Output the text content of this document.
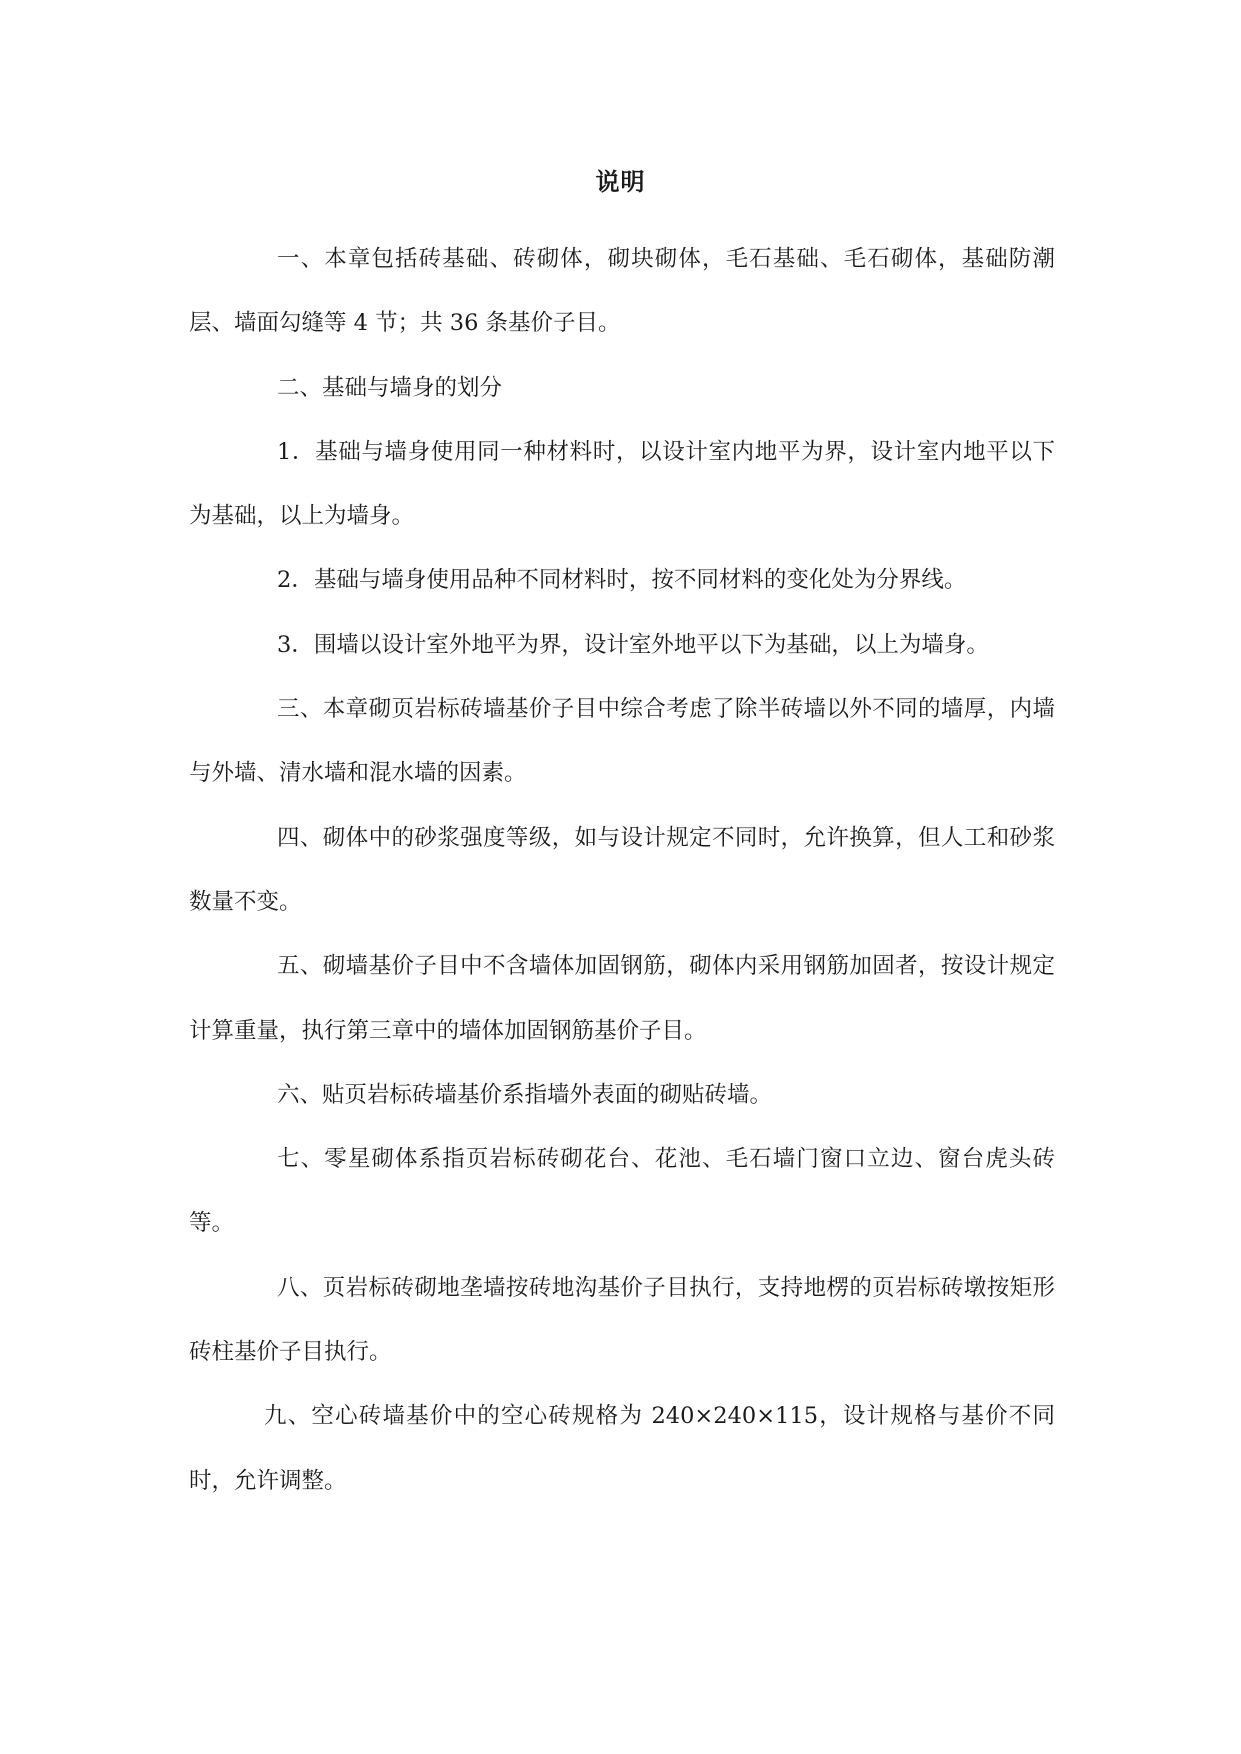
说明

一、本章包括砖基础、砖砌体，砌块砌体，毛石基础、毛石砌体，基础防潮层、墙面勾缝等 4 节；共 36 条基价子目。

二、基础与墙身的划分

1．基础与墙身使用同一种材料时，以设计室内地平为界，设计室内地平以下为基础，以上为墙身。

2．基础与墙身使用品种不同材料时，按不同材料的变化处为分界线。

3．围墙以设计室外地平为界，设计室外地平以下为基础，以上为墙身。

三、本章砌页岩标砖墙基价子目中综合考虑了除半砖墙以外不同的墙厚，内墙与外墙、清水墙和混水墙的因素。

四、砌体中的砂浆强度等级，如与设计规定不同时，允许换算，但人工和砂浆数量不变。

五、砌墙基价子目中不含墙体加固钢筋，砌体内采用钢筋加固者，按设计规定计算重量，执行第三章中的墙体加固钢筋基价子目。

六、贴页岩标砖墙基价系指墙外表面的砌贴砖墙。

七、零星砌体系指页岩标砖砌花台、花池、毛石墙门窗口立边、窗台虎头砖等。

八、页岩标砖砌地垄墙按砖地沟基价子目执行，支持地楞的页岩标砖墩按矩形砖柱基价子目执行。

九、空心砖墙基价中的空心砖规格为 240×240×115，设计规格与基价不同时，允许调整。
